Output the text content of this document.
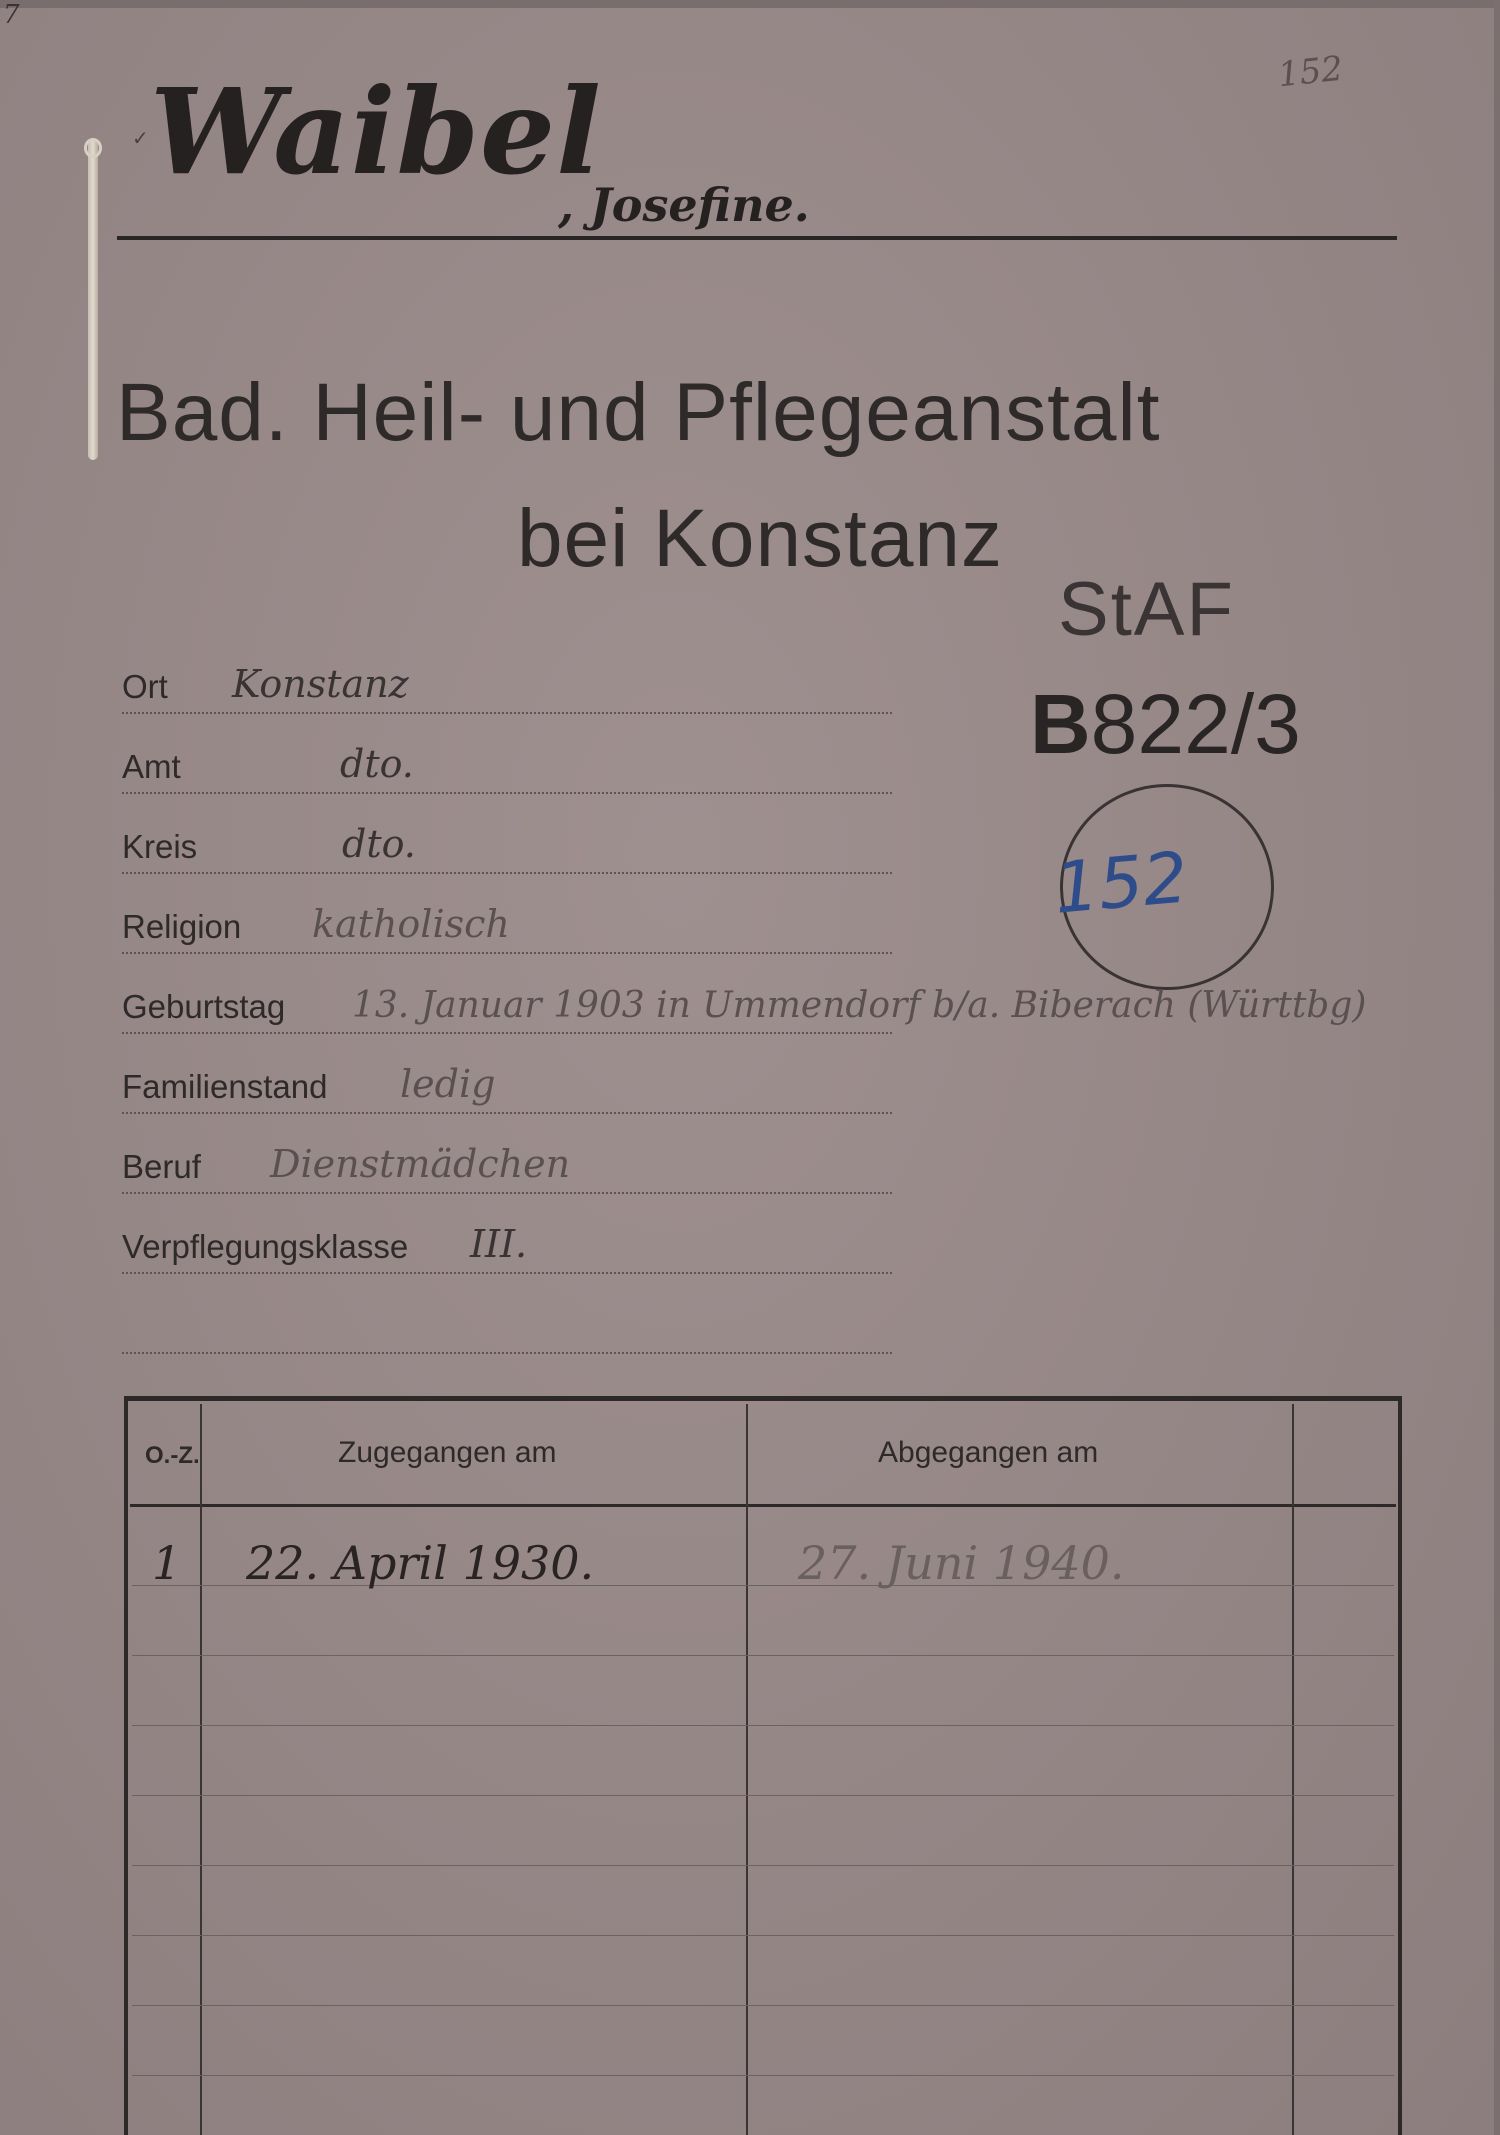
7
152
✓ Waibel
, Josefine.
Bad. Heil- und Pflegeanstalt
bei Konstanz
StAF
B822/3
152
Ort Konstanz
Amt	dto.
Kreis	dto.
Religion katholisch
Geburtstag 13. Januar 1903 in Ummendorf b/a. Biberach (Württbg)
Familienstand ledig
Beruf Dienstmädchen
Verpflegungsklasse III.
O.-Z.	Zugegangen am	Abgegangen am
1 22. April 1930.	27. Juni 1940.
